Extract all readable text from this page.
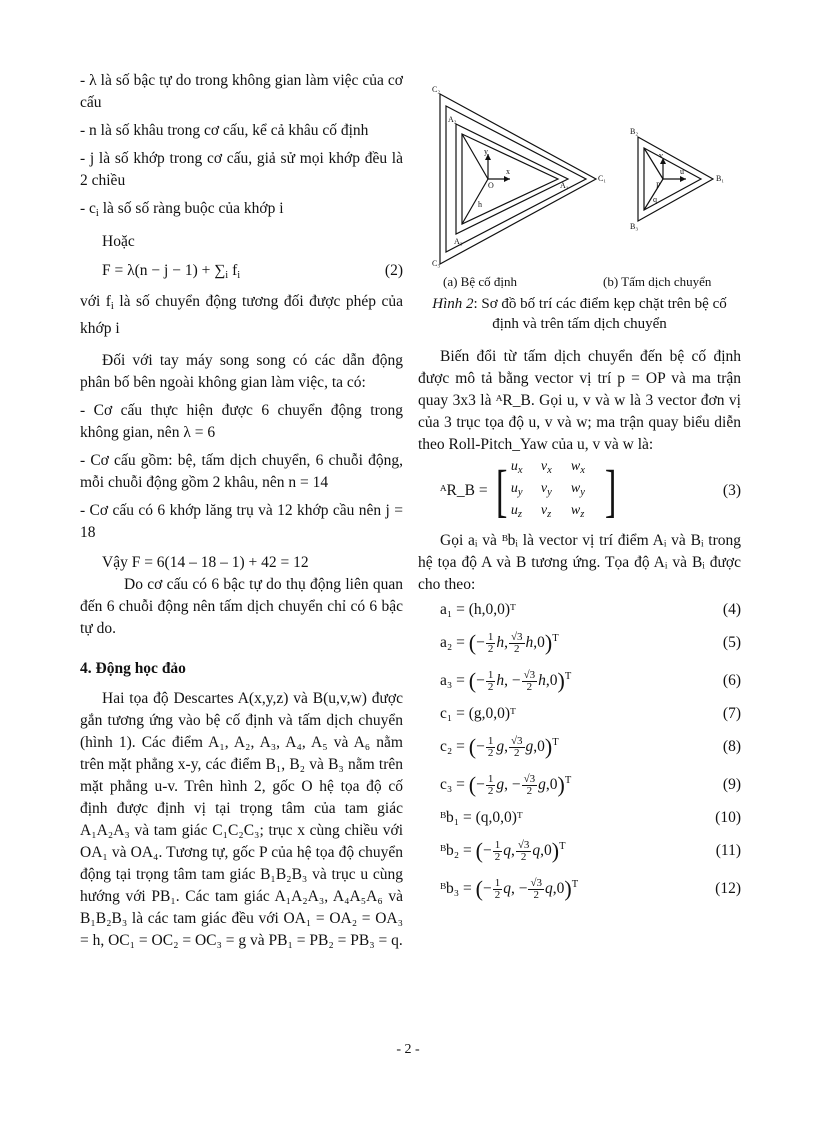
- λ là số bậc tự do trong không gian làm việc của cơ cấu

- n là số khâu trong cơ cấu, kể cả khâu cố định

- j là số khớp trong cơ cấu, giả sử mọi khớp đều là 2 chiều

- $c_i$ là số số ràng buộc của khớp i

Hoặc

$F = \lambda(n - j - 1) + \sum_i$ $f_i$	(2)

với $f_i$ là số chuyển động tương đối được phép của khớp i

Đối với tay máy song song có các dẫn động phân bố bên ngoài không gian làm việc, ta có:

- Cơ cấu thực hiện được 6 chuyển động trong không gian, nên λ = 6

- Cơ cấu gồm: bệ, tấm dịch chuyển, 6 chuỗi động, mỗi chuỗi động gồm 2 khâu, nên n = 14

- Cơ cấu có 6 khớp lăng trụ và 12 khớp cầu nên j = 18

Vậy F = 6(14 – 18 – 1) + 42 = 12

Do cơ cấu có 6 bậc tự do thụ động liên quan đến 6 chuỗi động nên tấm dịch chuyển chỉ có 6 bậc tự do.

4. Động học đảo

Hai tọa độ Descartes A(x,y,z) và B(u,v,w) được gắn tương ứng vào bệ cố định và tấm dịch chuyển (hình 1). Các điểm A₁, A₂, A₃, A₄, A₅ và A₆ nằm trên mặt phẳng x-y, các điểm B₁, B₂ và B₃ nằm trên mặt phẳng u-v. Trên hình 2, gốc O hệ tọa độ cố định được định vị tại trọng tâm của tam giác A₁A₂A₃ và tam giác C₁C₂C₃; trục x cùng chiều với OA₁ và OA₄. Tương tự, gốc P của hệ tọa độ chuyển động tại trọng tâm tam giác B₁B₂B₃ và trục u cùng hướng với PB₁. Các tam giác A₁A₂A₃, A₄A₅A₆ và B₁B₂B₃ là các tam giác đều với OA₁ = OA₂ = OA₃ = h, OC₁ = OC₂ = OC₃ = g và PB₁ = PB₂ = PB₃ = q.

C₂
A₂
C₁
A₁
A₃
C₃
O
x
y
h
B₂
B₁
B₃
P
u
v
q
(a) Bệ cố định	(b) Tấm dịch chuyển
Hình 2: Sơ đồ bố trí các điểm kẹp chặt trên bệ cố định và trên tấm dịch chuyển

Biến đổi từ tấm dịch chuyển đến bệ cố định được mô tả bằng vector vị trí p = OP và ma trận quay 3x3 là ᴬR_B. Gọi u, v và w là 3 vector đơn vị của 3 trục tọa độ u, v và w; ma trận quay biểu diễn theo Roll-Pitch_Yaw của u, v và w là:

ᴬR_B = [ $u_x$	$v_x$	$w_x$
$u_y$	$v_y$	$w_y$
$u_z$	$v_z$	$w_z$ ]	(3)

Gọi aᵢ và ᴮbᵢ là vector vị trí điểm Aᵢ và Bᵢ trong hệ tọa độ A và B tương ứng. Tọa độ Aᵢ và Bᵢ được cho theo:

a₁ = (h,0,0)ᵀ	(4)
a₂ = (− $\frac{1}{2} h$, $\frac{√3}{2} h,0)^T$	(5)
a₃ = (− $\frac{1}{2} h$, − $\frac{√3}{2} h,0)^T$	(6)
c₁ = (g,0,0)ᵀ	(7)
c₂ = (− $\frac{1}{2} g$, $\frac{√3}{2} g,0)^T$	(8)
c₃ = (− $\frac{1}{2} g$, − $\frac{√3}{2} g,0)^T$	(9)
ᴮb₁ = (q,0,0)ᵀ	(10)
ᴮb₂ = (− $\frac{1}{2} q$, $\frac{√3}{2} q,0)^T$	(11)
ᴮb₃ = (− $\frac{1}{2} q$, − $\frac{√3}{2} q,0)^T$	(12)
- 2 -
